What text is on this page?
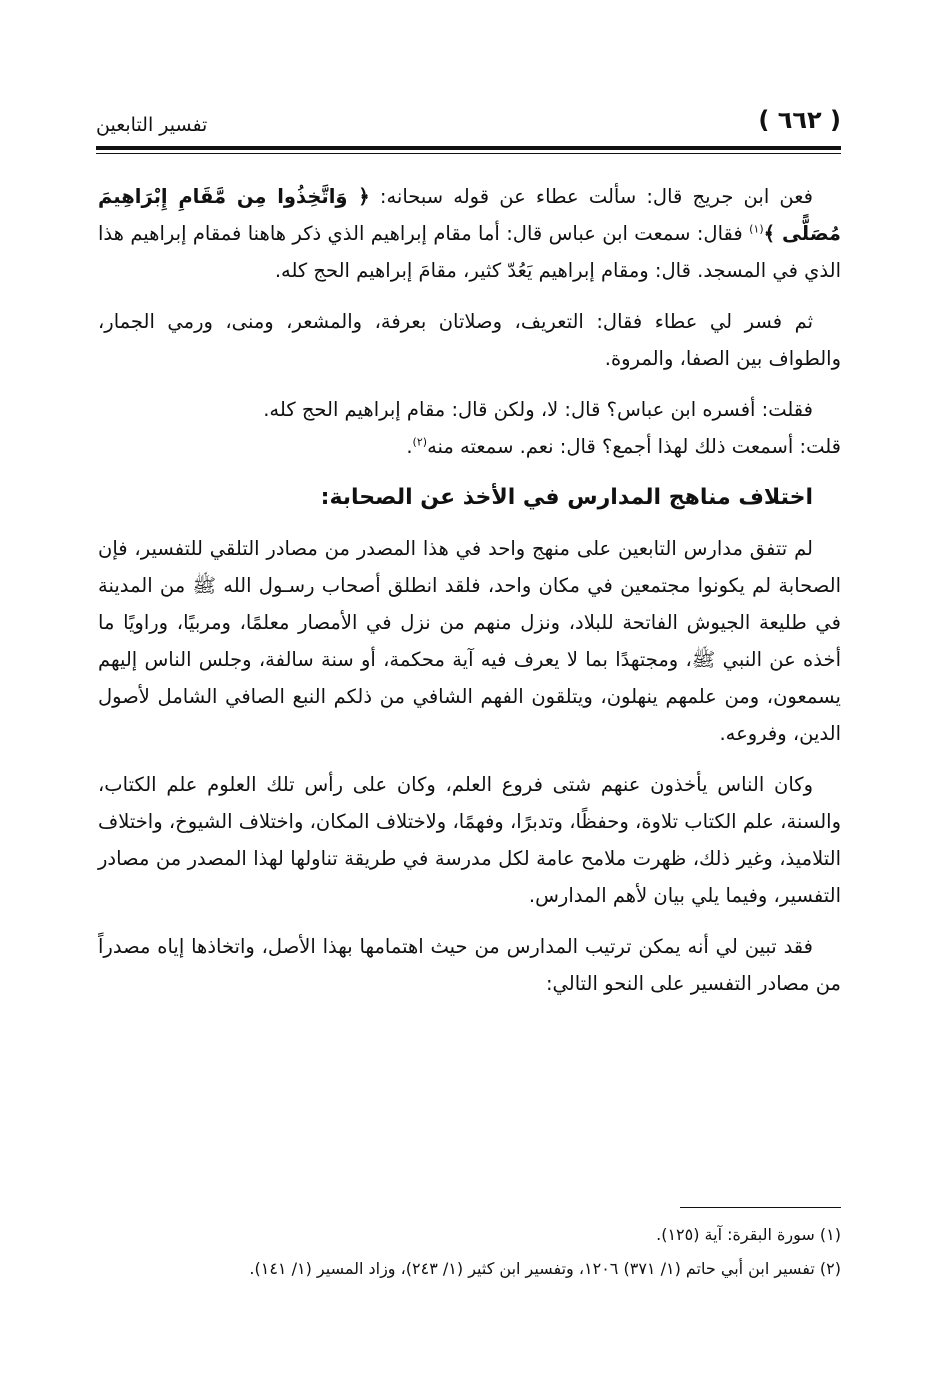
( ٦٦٢ )
تفسير التابعين

فعن ابن جريج قال: سألت عطاء عن قوله سبحانه: ﴿ وَاتَّخِذُوا مِن مَّقَامِ إِبْرَاهِيمَ مُصَلًّى ﴾$^{(١)}$ فقال: سمعت ابن عباس قال: أما مقام إبراهيم الذي ذكر هاهنا فمقام إبراهيم هذا الذي في المسجد. قال: ومقام إبراهيم يَعُدّ كثير، مقامَ إبراهيم الحج كله.

ثم فسر لي عطاء فقال: التعريف، وصلاتان بعرفة، والمشعر، ومنى، ورمي الجمار، والطواف بين الصفا، والمروة.

فقلت: أفسره ابن عباس؟ قال: لا، ولكن قال: مقام إبراهيم الحج كله.
قلت: أسمعت ذلك لهذا أجمع؟ قال: نعم. سمعته منه$^{(٢)}$.

اختلاف مناهج المدارس في الأخذ عن الصحابة:

لم تتفق مدارس التابعين على منهج واحد في هذا المصدر من مصادر التلقي للتفسير، فإن الصحابة لم يكونوا مجتمعين في مكان واحد، فلقد انطلق أصحاب رسـول الله ﷺ من المدينة في طليعة الجيوش الفاتحة للبلاد، ونزل منهم من نزل في الأمصار معلمًا، ومربيًا، وراويًا ما أخذه عن النبي ﷺ، ومجتهدًا بما لا يعرف فيه آية محكمة، أو سنة سالفة، وجلس الناس إليهم يسمعون، ومن علمهم ينهلون، ويتلقون الفهم الشافي من ذلكم النبع الصافي الشامل لأصول الدين، وفروعه.

وكان الناس يأخذون عنهم شتى فروع العلم، وكان على رأس تلك العلوم علم الكتاب، والسنة، علم الكتاب تلاوة، وحفظًا، وتدبرًا، وفهمًا، ولاختلاف المكان، واختلاف الشيوخ، واختلاف التلاميذ، وغير ذلك، ظهرت ملامح عامة لكل مدرسة في طريقة تناولها لهذا المصدر من مصادر التفسير، وفيما يلي بيان لأهم المدارس.

فقد تبين لي أنه يمكن ترتيب المدارس من حيث اهتمامها بهذا الأصل، واتخاذها إياه مصدراً من مصادر التفسير على النحو التالي:

(١) سورة البقرة: آية (١٢٥).
(٢) تفسير ابن أبي حاتم (١/ ٣٧١) ١٢٠٦، وتفسير ابن كثير (١/ ٢٤٣)، وزاد المسير (١/ ١٤١).
